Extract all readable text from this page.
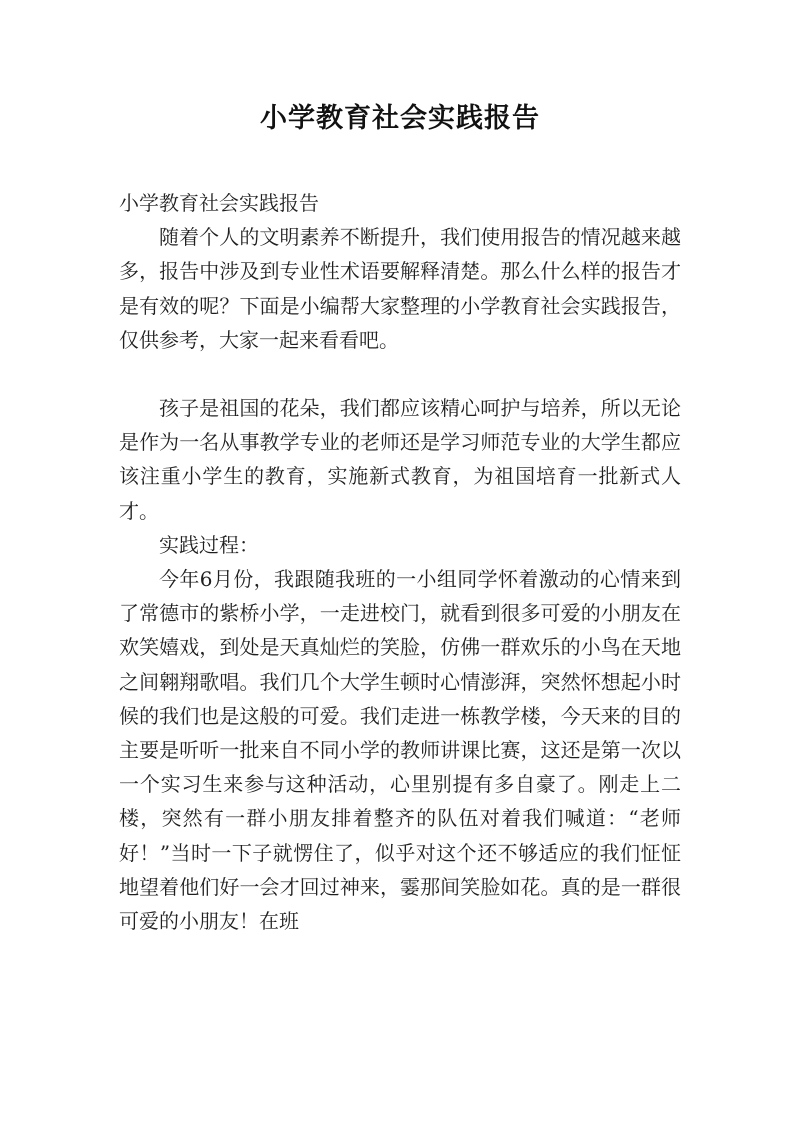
小学教育社会实践报告

小学教育社会实践报告

随着个人的文明素养不断提升，我们使用报告的情况越来越多，报告中涉及到专业性术语要解释清楚。那么什么样的报告才是有效的呢？下面是小编帮大家整理的小学教育社会实践报告，仅供参考，大家一起来看看吧。

孩子是祖国的花朵，我们都应该精心呵护与培养，所以无论是作为一名从事教学专业的老师还是学习师范专业的大学生都应该注重小学生的教育，实施新式教育，为祖国培育一批新式人才。

实践过程：

今年6月份，我跟随我班的一小组同学怀着激动的心情来到了常德市的紫桥小学，一走进校门，就看到很多可爱的小朋友在欢笑嬉戏，到处是天真灿烂的笑脸，仿佛一群欢乐的小鸟在天地之间翱翔歌唱。我们几个大学生顿时心情澎湃，突然怀想起小时候的我们也是这般的可爱。我们走进一栋教学楼，今天来的目的主要是听听一批来自不同小学的教师讲课比赛，这还是第一次以一个实习生来参与这种活动，心里别提有多自豪了。刚走上二楼，突然有一群小朋友排着整齐的队伍对着我们喊道：“老师好！”当时一下子就愣住了，似乎对这个还不够适应的我们怔怔地望着他们好一会才回过神来，霎那间笑脸如花。真的是一群很可爱的小朋友！在班
